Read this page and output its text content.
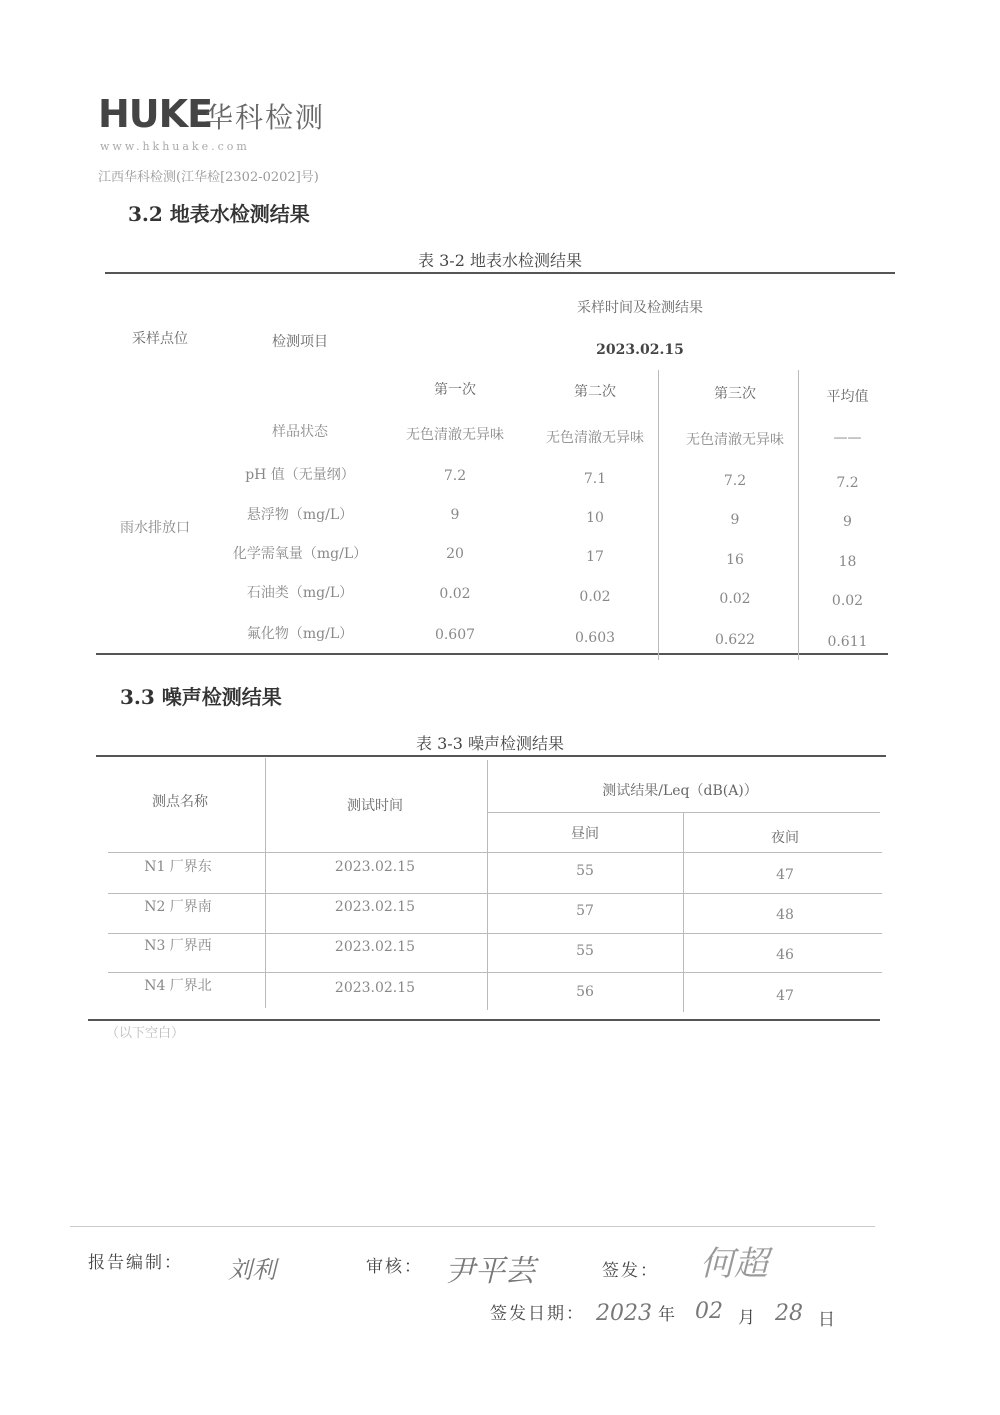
HUKE
华科检测
www.hkhuake.com
江西华科检测(江华检[2302-0202]号)
3.2 地表水检测结果
表 3-2 地表水检测结果
采样点位	检测项目
采样时间及检测结果
2023.02.15
第一次	第二次	第三次	平均值
雨水排放口
样品状态	无色清澈无异味	无色清澈无异味	无色清澈无异味	——
pH 值（无量纲）	7.2	7.1	7.2	7.2
悬浮物（mg/L）	9	10	9	9
化学需氧量（mg/L）	20	17	16	18
石油类（mg/L）	0.02	0.02	0.02	0.02
氟化物（mg/L）	0.607	0.603	0.622	0.611
3.3 噪声检测结果
表 3-3 噪声检测结果
测点名称	测试时间
测试结果/Leq（dB(A)）
昼间	夜间
N1 厂界东	2023.02.15	55	47
N2 厂界南	2023.02.15	57	48
N3 厂界西	2023.02.15	55	46
N4 厂界北	2023.02.15	56	47
（以下空白）
报告编制： 刘利	审核： 尹平芸	签发： 何超
签发日期： 2023 年 02 月 28 日
